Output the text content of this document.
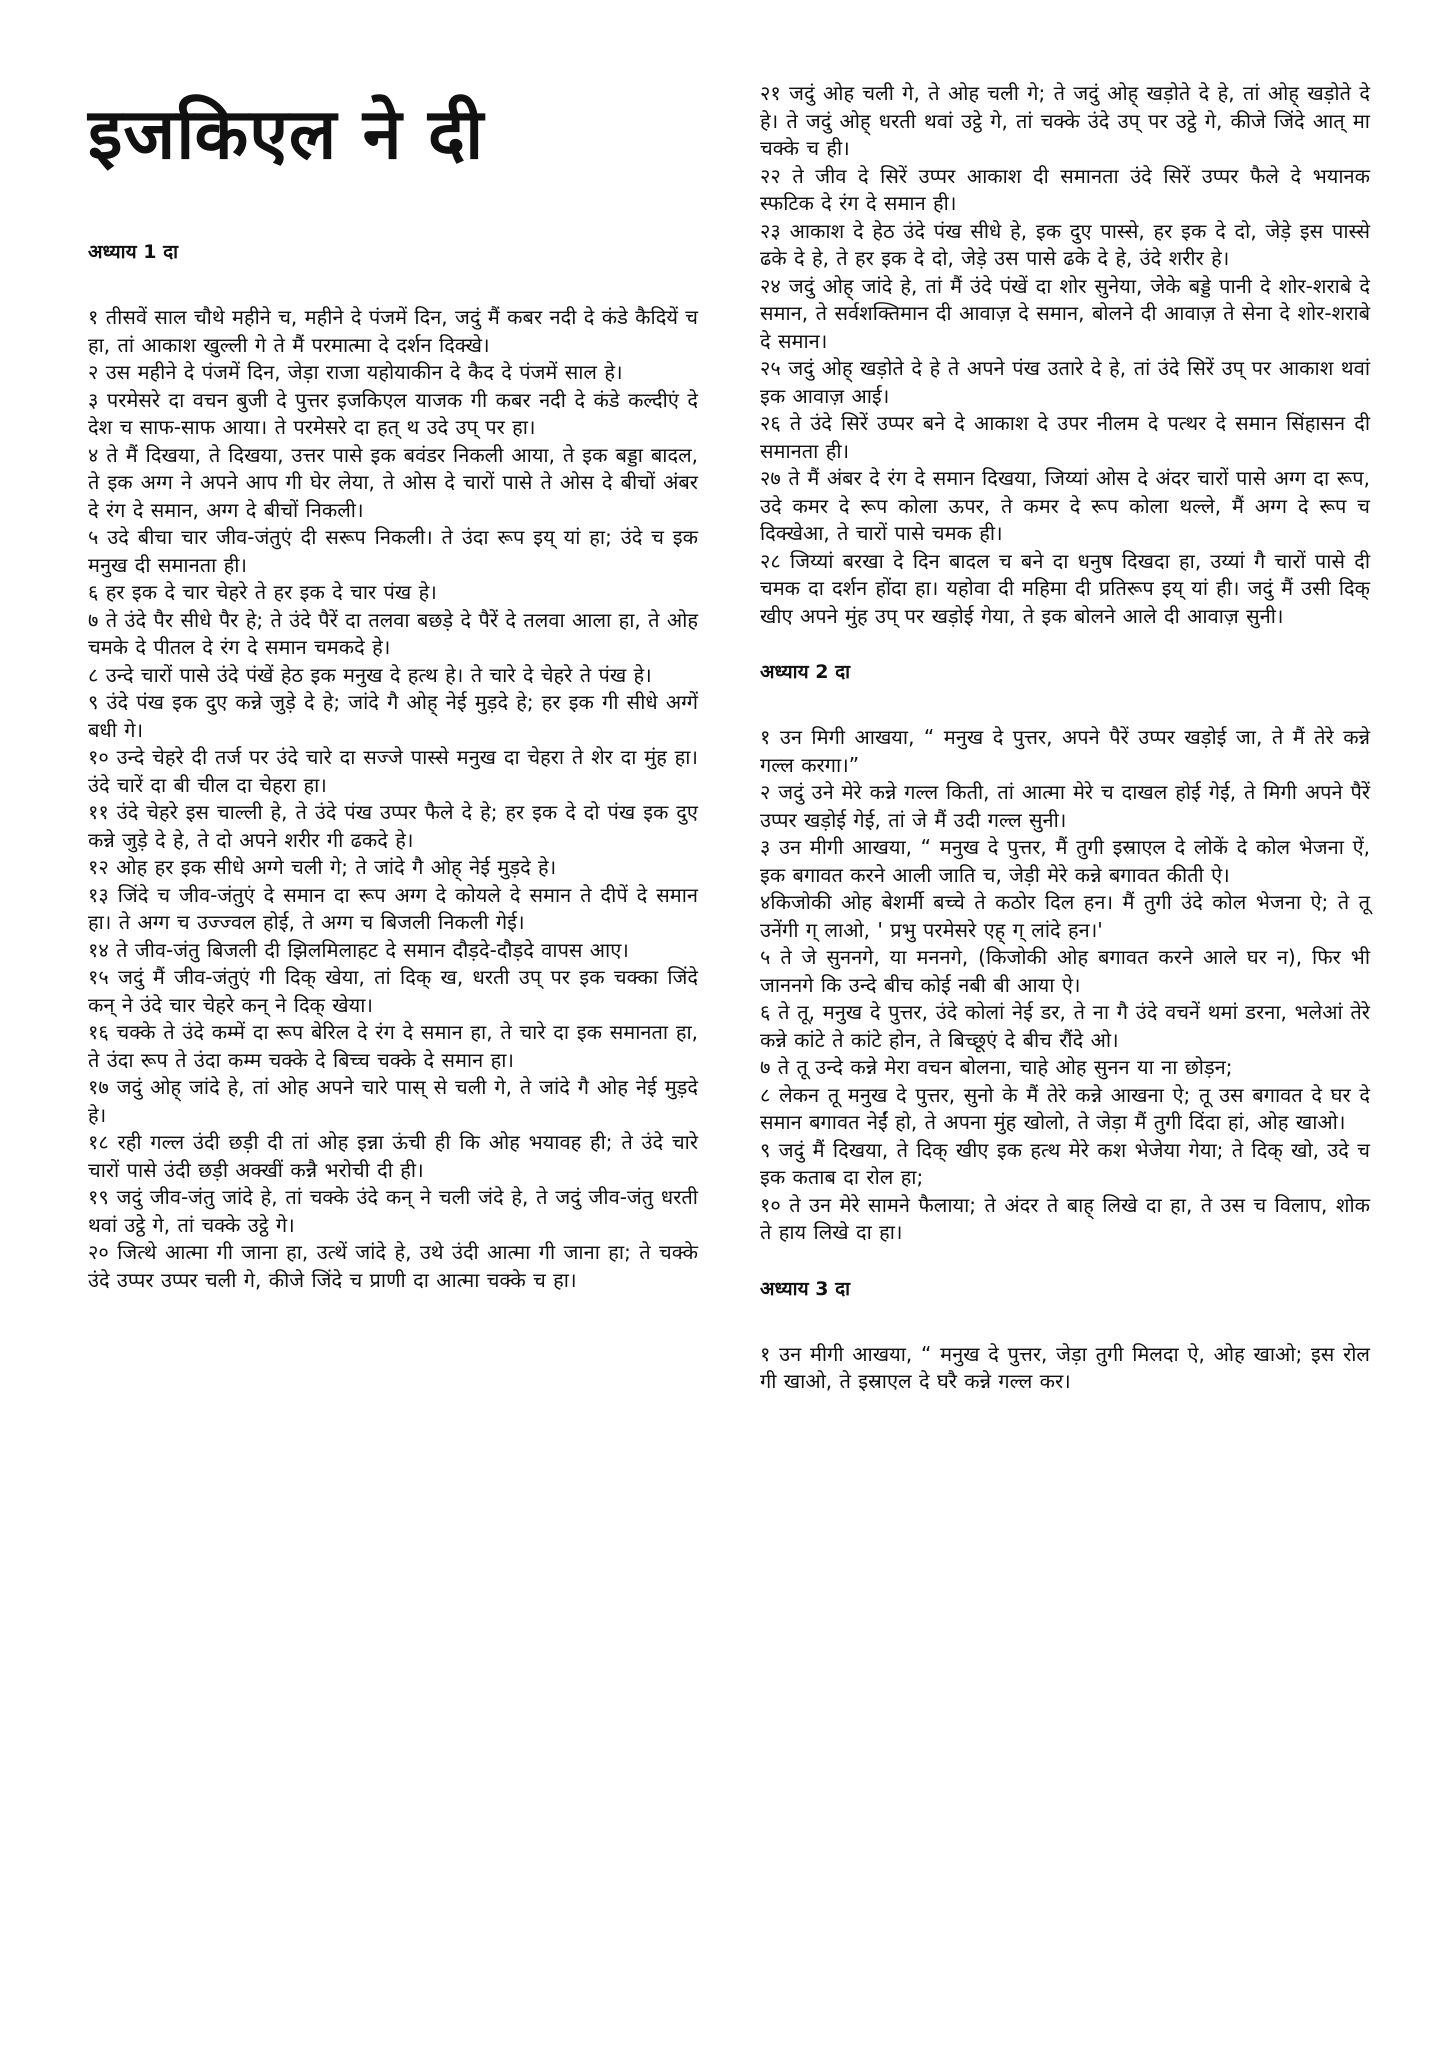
इजकिएल ने दी
अध्याय 1 दा

१ तीसवें साल चौथे महीने च, महीने दे पंजमें दिन, जदुं मैं कबर नदी दे कंडे कैदियें च हा, तां आकाश खुल्ली गे ते मैं परमात्मा दे दर्शन दिक्खे।

२ उस महीने दे पंजमें दिन, जेड़ा राजा यहोयाकीन दे कैद दे पंजमें साल हे।

३ परमेसरे दा वचन बुजी दे पुत्तर इजकिएल याजक गी कबर नदी दे कंडे कल्दीएं दे देश च साफ-साफ आया। ते परमेसरे दा हत् थ उदे उप् पर हा।

४ ते मैं दिखया, ते दिखया, उत्तर पासे इक बवंडर निकली आया, ते इक बड्डा बादल, ते इक अग्ग ने अपने आप गी घेर लेया, ते ओस दे चारों पासे ते ओस दे बीचों अंबर दे रंग दे समान, अग्ग दे बीचों निकली।

५ उदे बीचा चार जीव-जंतुएं दी सरूप निकली। ते उंदा रूप इय् यां हा; उंदे च इक मनुख दी समानता ही।

६ हर इक दे चार चेहरे ते हर इक दे चार पंख हे।

७ ते उंदे पैर सीधे पैर हे; ते उंदे पैरें दा तलवा बछड़े दे पैरें दे तलवा आला हा, ते ओह चमके दे पीतल दे रंग दे समान चमकदे हे।

८ उन्दे चारों पासे उंदे पंखें हेठ इक मनुख दे हत्थ हे। ते चारे दे चेहरे ते पंख हे।

९ उंदे पंख इक दुए कन्ने जुड़े दे हे; जांदे गै ओह् नेई मुड़दे हे; हर इक गी सीधे अग्गें बधी गे।

१० उन्दे चेहरे दी तर्ज पर उंदे चारे दा सज्जे पास्से मनुख दा चेहरा ते शेर दा मुंह हा। उंदे चारें दा बी चील दा चेहरा हा।

११ उंदे चेहरे इस चाल्ली हे, ते उंदे पंख उप्पर फैले दे हे; हर इक दे दो पंख इक दुए कन्ने जुड़े दे हे, ते दो अपने शरीर गी ढकदे हे।

१२ ओह हर इक सीधे अग्गे चली गे; ते जांदे गै ओह् नेई मुड़दे हे।

१३ जिंदे च जीव-जंतुएं दे समान दा रूप अग्ग दे कोयले दे समान ते दीपें दे समान हा। ते अग्ग च उज्ज्वल होई, ते अग्ग च बिजली निकली गेई।

१४ ते जीव-जंतु बिजली दी झिलमिलाहट दे समान दौड़दे-दौड़दे वापस आए।

१५ जदुं मैं जीव-जंतुएं गी दिक् खेया, तां दिक् ख, धरती उप् पर इक चक्का जिंदे कन् ने उंदे चार चेहरे कन् ने दिक् खेया।

१६ चक्के ते उंदे कम्में दा रूप बेरिल दे रंग दे समान हा, ते चारे दा इक समानता हा, ते उंदा रूप ते उंदा कम्म चक्के दे बिच्च चक्के दे समान हा।

१७ जदुं ओह् जांदे हे, तां ओह अपने चारे पास् से चली गे, ते जांदे गै ओह नेई मुड़दे हे।

१८ रही गल्ल उंदी छड़ी दी तां ओह इन्ना ऊंची ही कि ओह भयावह ही; ते उंदे चारे चारों पासे उंदी छड़ी अक्खीं कन्नै भरोची दी ही।

१९ जदुं जीव-जंतु जांदे हे, तां चक्के उंदे कन् ने चली जंदे हे, ते जदुं जीव-जंतु धरती थवां उट्ठे गे, तां चक्के उट्ठे गे।

२० जित्थे आत्मा गी जाना हा, उत्थें जांदे हे, उथे उंदी आत्मा गी जाना हा; ते चक्के उंदे उप्पर उप्पर चली गे, कीजे जिंदे च प्राणी दा आत्मा चक्के च हा।

२१ जदुं ओह चली गे, ते ओह चली गे; ते जदुं ओह् खड़ोते दे हे, तां ओह् खड़ोते दे हे। ते जदुं ओह् धरती थवां उट्ठे गे, तां चक्के उंदे उप् पर उट्ठे गे, कीजे जिंदे आत् मा चक्के च ही।

२२ ते जीव दे सिरें उप्पर आकाश दी समानता उंदे सिरें उप्पर फैले दे भयानक स्फटिक दे रंग दे समान ही।

२३ आकाश दे हेठ उंदे पंख सीधे हे, इक दुए पास्से, हर इक दे दो, जेड़े इस पास्से ढके दे हे, ते हर इक दे दो, जेड़े उस पासे ढके दे हे, उंदे शरीर हे।

२४ जदुं ओह् जांदे हे, तां मैं उंदे पंखें दा शोर सुनेया, जेके बड्डे पानी दे शोर-शराबे दे समान, ते सर्वशक्तिमान दी आवाज़ दे समान, बोलने दी आवाज़ ते सेना दे शोर-शराबे दे समान।

२५ जदुं ओह् खड़ोते दे हे ते अपने पंख उतारे दे हे, तां उंदे सिरें उप् पर आकाश थवां इक आवाज़ आई।

२६ ते उंदे सिरें उप्पर बने दे आकाश दे उपर नीलम दे पत्थर दे समान सिंहासन दी समानता ही।

२७ ते मैं अंबर दे रंग दे समान दिखया, जिय्यां ओस दे अंदर चारों पासे अग्ग दा रूप, उदे कमर दे रूप कोला ऊपर, ते कमर दे रूप कोला थल्ले, मैं अग्ग दे रूप च दिक्खेआ, ते चारों पासे चमक ही।

२८ जिय्यां बरखा दे दिन बादल च बने दा धनुष दिखदा हा, उय्यां गै चारों पासे दी चमक दा दर्शन होंदा हा। यहोवा दी महिमा दी प्रतिरूप इय् यां ही। जदुं मैं उसी दिक् खीए अपने मुंह उप् पर खड़ोई गेया, ते इक बोलने आले दी आवाज़ सुनी।

अध्याय 2 दा

१ उन मिगी आखया, “ मनुख दे पुत्तर, अपने पैरें उप्पर खड़ोई जा, ते मैं तेरे कन्ने गल्ल करगा।”

२ जदुं उने मेरे कन्ने गल्ल किती, तां आत्मा मेरे च दाखल होई गेई, ते मिगी अपने पैरें उप्पर खड़ोई गेई, तां जे मैं उदी गल्ल सुनी।

३ उन मीगी आखया, “ मनुख दे पुत्तर, मैं तुगी इस्राएल दे लोकें दे कोल भेजना ऐं, इक बगावत करने आली जाति च, जेड़ी मेरे कन्ने बगावत कीती ऐ।

४किजोकी ओह बेशर्मी बच्चे ते कठोर दिल हन। मैं तुगी उंदे कोल भेजना ऐ; ते तू उनेंगी ग् लाओ, ' प्रभु परमेसरे एह् ग् लांदे हन।'

५ ते जे सुननगे, या मननगे, (किजोकी ओह बगावत करने आले घर न), फिर भी जाननगे कि उन्दे बीच कोई नबी बी आया ऐ।

६ ते तू, मनुख दे पुत्तर, उंदे कोलां नेई डर, ते ना गै उंदे वचनें थमां डरना, भलेआं तेरे कन्ने कांटे ते कांटे होन, ते बिच्छूएं दे बीच रौंदे ओ।

७ ते तू उन्दे कन्ने मेरा वचन बोलना, चाहे ओह सुनन या ना छोड़न;

८ लेकन तू मनुख दे पुत्तर, सुनो के मैं तेरे कन्ने आखना ऐ; तू उस बगावत दे घर दे समान बगावत नेईं हो, ते अपना मुंह खोलो, ते जेड़ा मैं तुगी दिंदा हां, ओह खाओ।

९ जदुं मैं दिखया, ते दिक् खीए इक हत्थ मेरे कश भेजेया गेया; ते दिक् खो, उदे च इक कताब दा रोल हा;

१० ते उन मेरे सामने फैलाया; ते अंदर ते बाह् लिखे दा हा, ते उस च विलाप, शोक ते हाय लिखे दा हा।

अध्याय 3 दा

१ उन मीगी आखया, “ मनुख दे पुत्तर, जेड़ा तुगी मिलदा ऐ, ओह खाओ; इस रोल गी खाओ, ते इस्राएल दे घरै कन्ने गल्ल कर।
